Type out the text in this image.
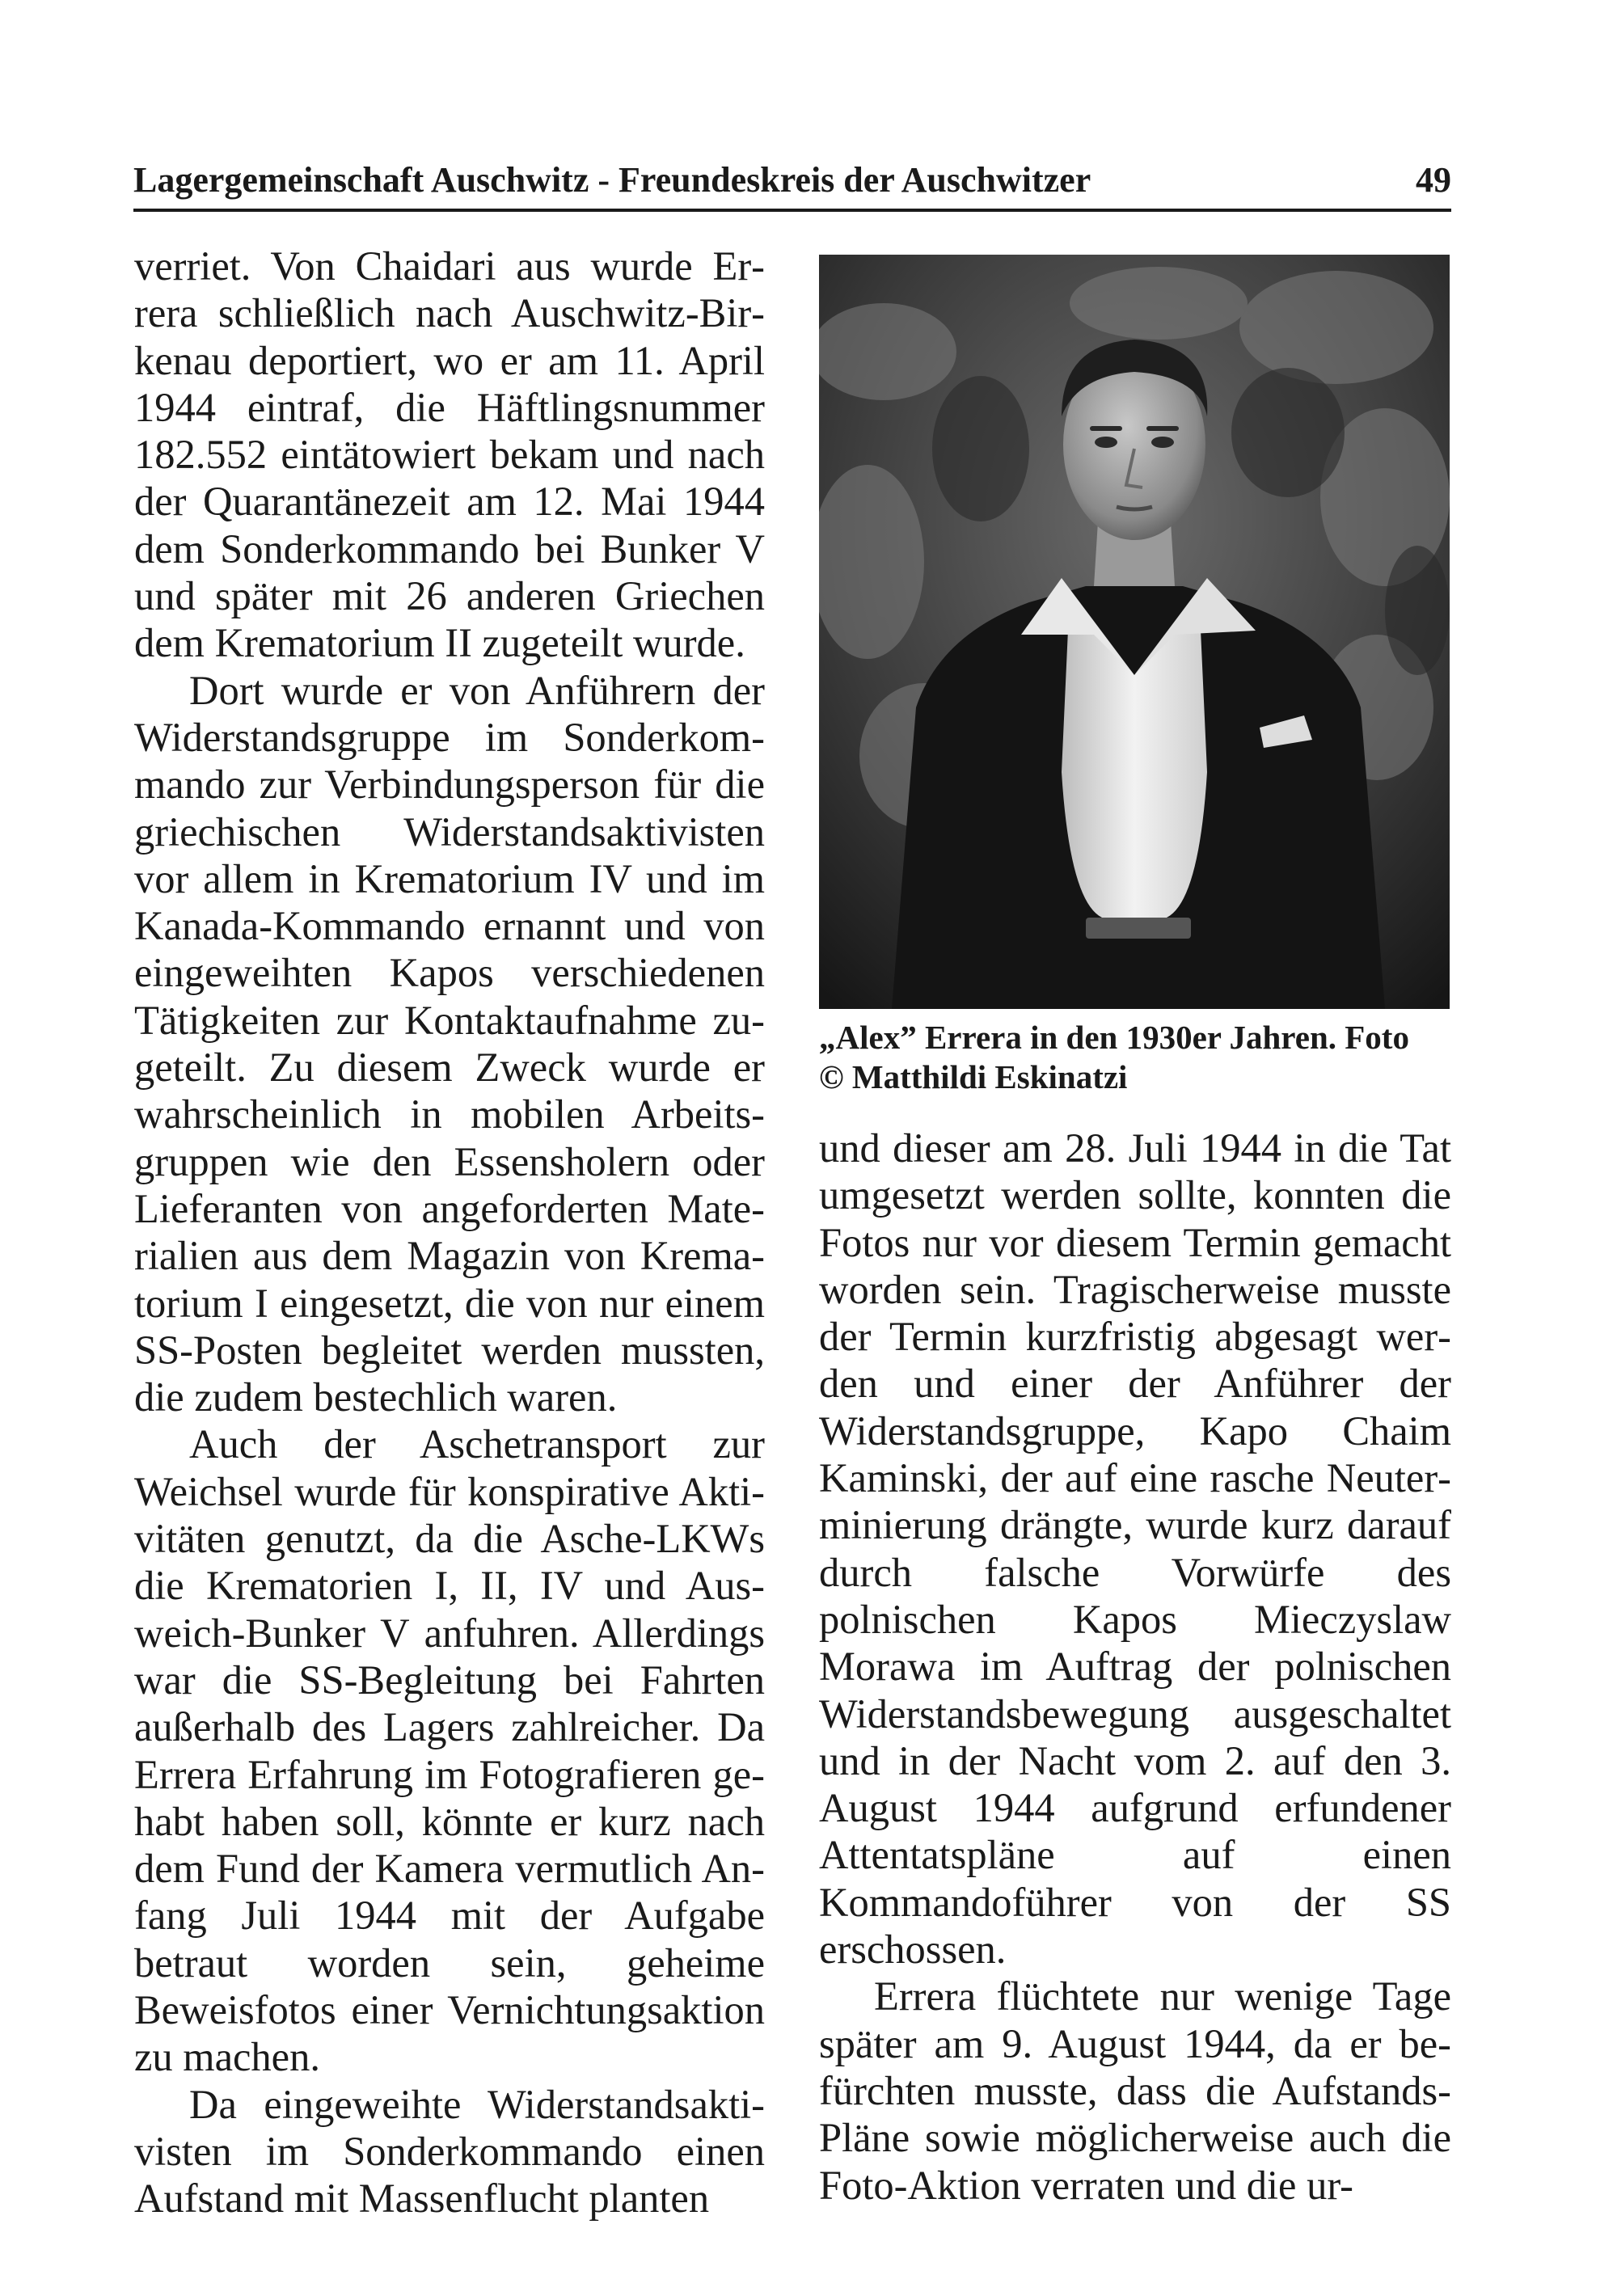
Lagergemeinschaft Auschwitz - Freundeskreis der Auschwitzer	49

verriet. Von Chaidari aus wurde Errera schließlich nach Auschwitz-Birkenau deportiert, wo er am 11. April 1944 eintraf, die Häftlingsnummer 182.552 eintätowiert bekam und nach der Quarantänezeit am 12. Mai 1944 dem Sonderkommando bei Bunker V und später mit 26 anderen Griechen dem Krematorium II zugeteilt wurde.

Dort wurde er von Anführern der Widerstandsgruppe im Sonderkommando zur Verbindungsperson für die griechischen Widerstandsaktivisten vor allem in Krematorium IV und im Kanada-Kommando ernannt und von eingeweihten Kapos verschiedenen Tätigkeiten zur Kontaktaufnahme zugeteilt. Zu diesem Zweck wurde er wahrscheinlich in mobilen Arbeitsgruppen wie den Essensholern oder Lieferanten von angeforderten Materialien aus dem Magazin von Krematorium I eingesetzt, die von nur einem SS-Posten begleitet werden mussten, die zudem bestechlich waren.

Auch der Aschetransport zur Weichsel wurde für konspirative Aktivitäten genutzt, da die Asche-LKWs die Krematorien I, II, IV und Ausweich-Bunker V anfuhren. Allerdings war die SS-Begleitung bei Fahrten außerhalb des Lagers zahlreicher. Da Errera Erfahrung im Fotografieren gehabt haben soll, könnte er kurz nach dem Fund der Kamera vermutlich Anfang Juli 1944 mit der Aufgabe betraut worden sein, geheime Beweisfotos einer Vernichtungsaktion zu machen.

Da eingeweihte Widerstandsaktivisten im Sonderkommando einen Aufstand mit Massenflucht planten

„Alex” Errera in den 1930er Jahren. Foto
© Matthildi Eskinatzi

und dieser am 28. Juli 1944 in die Tat umgesetzt werden sollte, konnten die Fotos nur vor diesem Termin gemacht worden sein. Tragischerweise musste der Termin kurzfristig abgesagt werden und einer der Anführer der Widerstandsgruppe, Kapo Chaim Kaminski, der auf eine rasche Neuterminierung drängte, wurde kurz darauf durch falsche Vorwürfe des polnischen Kapos Mieczyslaw Morawa im Auftrag der polnischen Widerstandsbewegung ausgeschaltet und in der Nacht vom 2. auf den 3. August 1944 aufgrund erfundener Attentatspläne auf einen Kommandoführer von der SS erschossen.

Errera flüchtete nur wenige Tage später am 9. August 1944, da er befürchten musste, dass die Aufstands-Pläne sowie möglicherweise auch die Foto-Aktion verraten und die ur-
